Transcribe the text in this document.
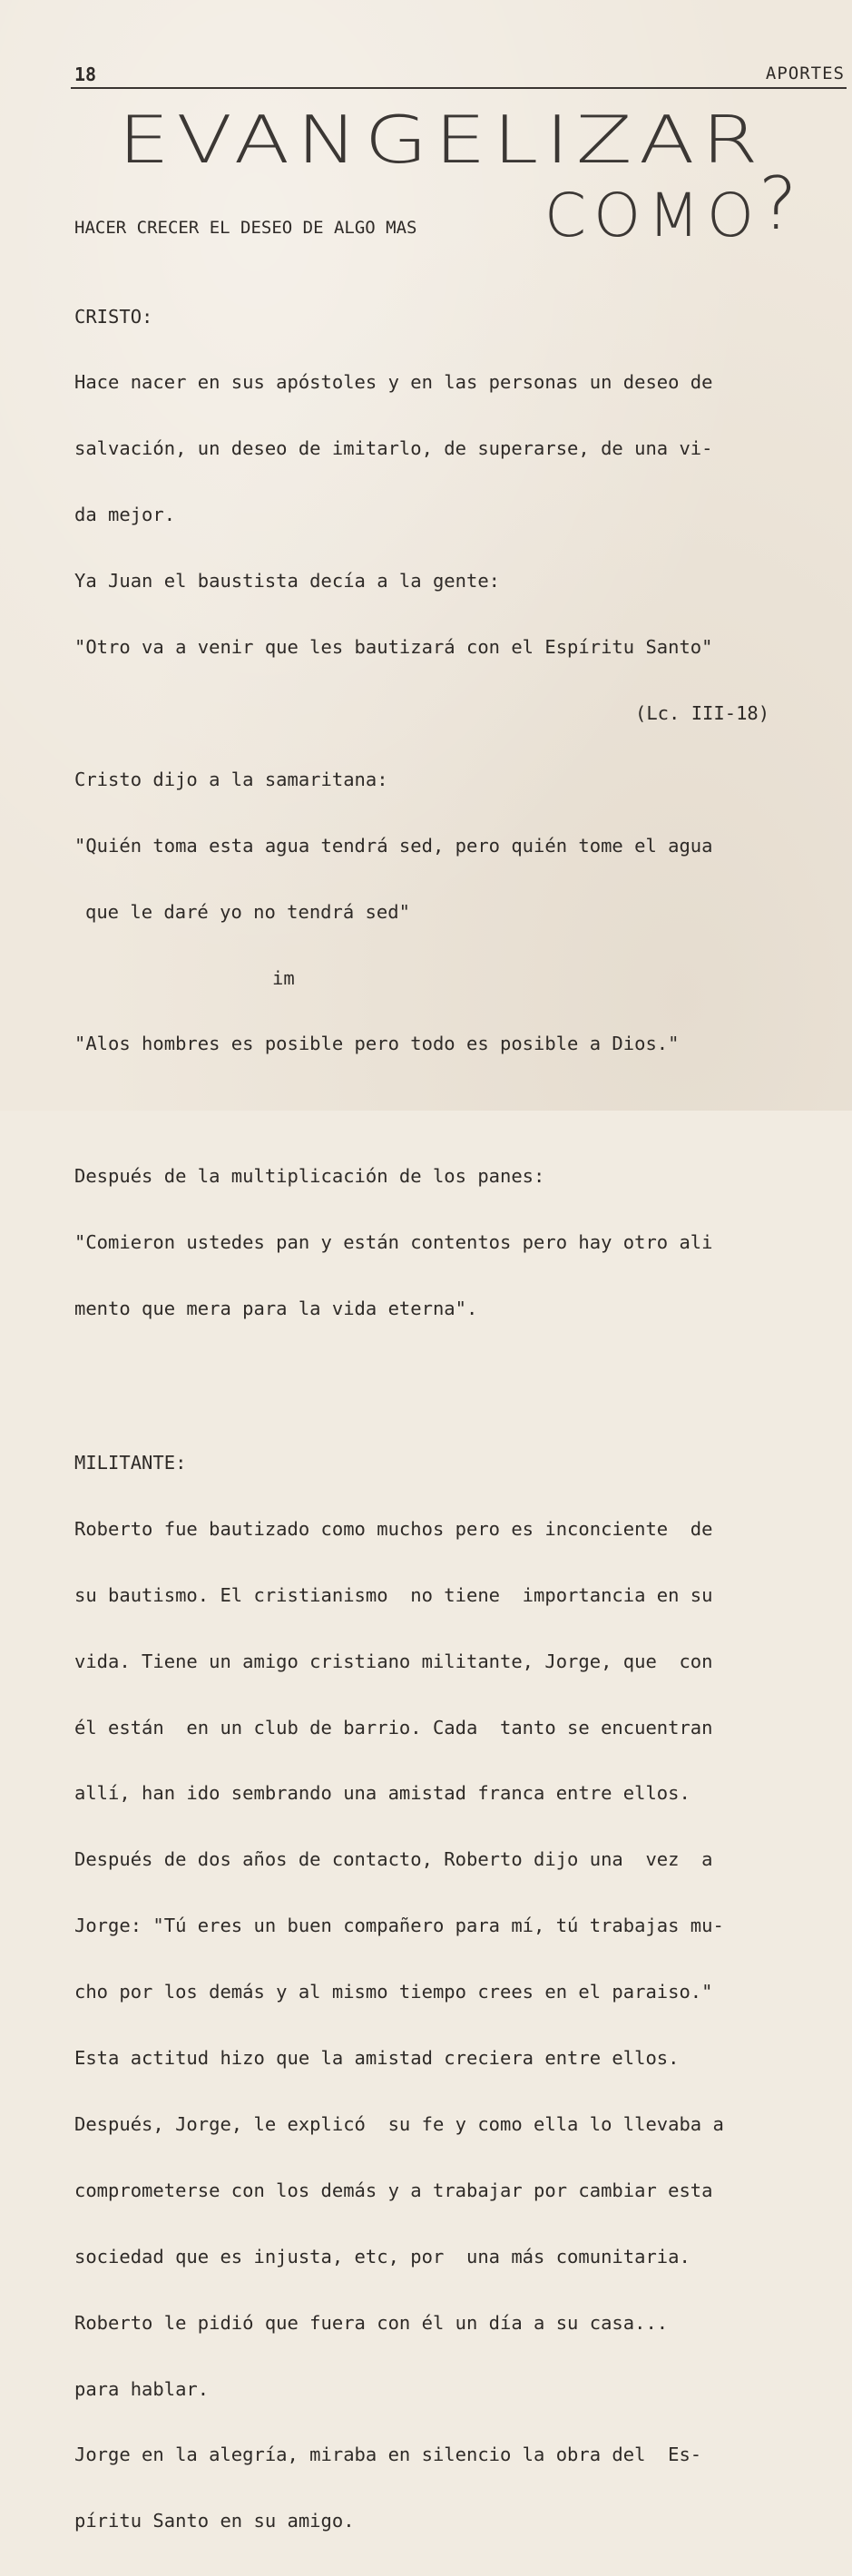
18	APORTES
EVANGELIZAR
HACER CRECER EL DESEO DE ALGO MAS COMO
?

CRISTO:

Hace nacer en sus apóstoles y en las personas un deseo de

salvación, un deseo de imitarlo, de superarse, de una vi-

da mejor.

Ya Juan el baustista decía a la gente:

"Otro va a venir que les bautizará con el Espíritu Santo"

(Lc. III-18)

Cristo dijo a la samaritana:

"Quién toma esta agua tendrá sed, pero quién tome el agua

que le daré yo no tendrá sed"

im

"Alos hombres es posible pero todo es posible a Dios."

Después de la multiplicación de los panes:

"Comieron ustedes pan y están contentos pero hay otro ali

mento que mera para la vida eterna".

MILITANTE:

Roberto fue bautizado como muchos pero es inconciente  de

su bautismo. El cristianismo  no tiene  importancia en su

vida. Tiene un amigo cristiano militante, Jorge, que  con

él están  en un club de barrio. Cada  tanto se encuentran

allí, han ido sembrando una amistad franca entre ellos.

Después de dos años de contacto, Roberto dijo una  vez  a

Jorge: "Tú eres un buen compañero para mí, tú trabajas mu-

cho por los demás y al mismo tiempo crees en el paraiso."

Esta actitud hizo que la amistad creciera entre ellos.

Después, Jorge, le explicó  su fe y como ella lo llevaba a

comprometerse con los demás y a trabajar por cambiar esta

sociedad que es injusta, etc, por  una más comunitaria.

Roberto le pidió que fuera con él un día a su casa...

para hablar.

Jorge en la alegría, miraba en silencio la obra del  Es-

píritu Santo en su amigo.
